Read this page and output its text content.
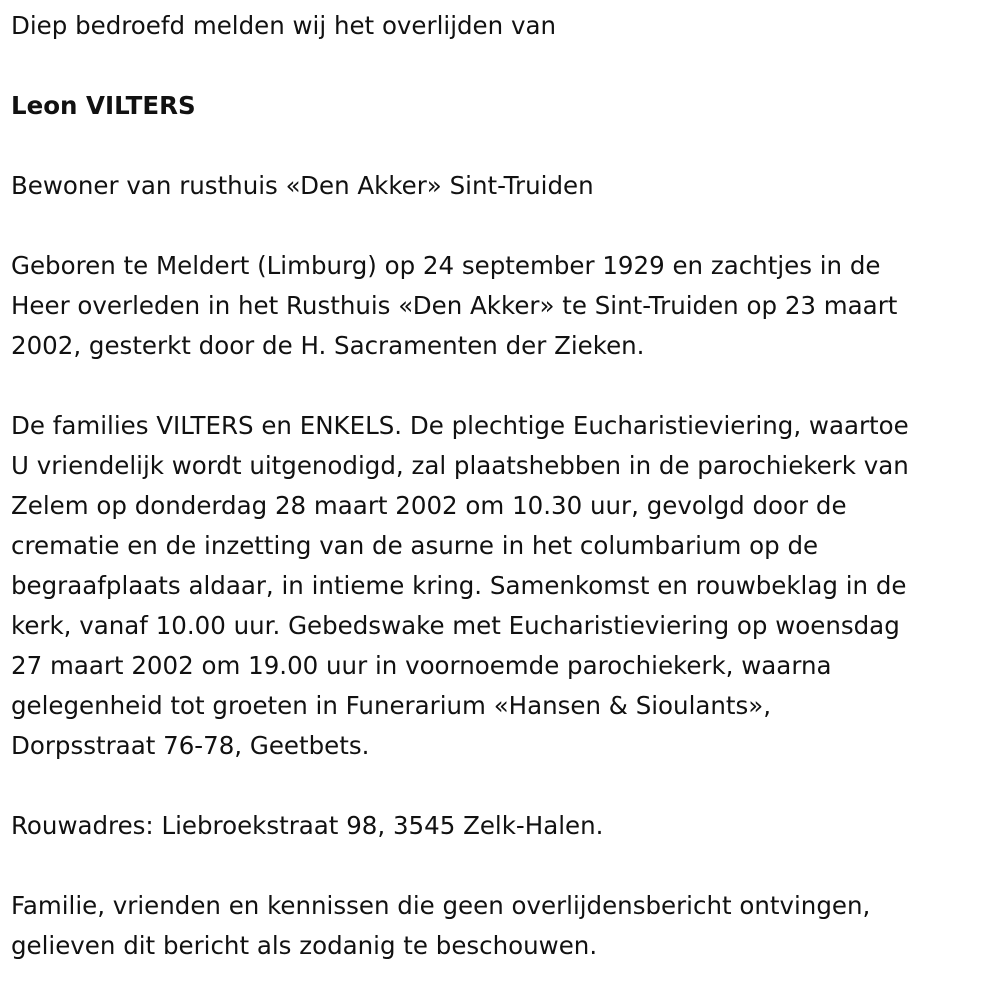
Diep bedroefd melden wij het overlijden van

Leon VILTERS

Bewoner van rusthuis «Den Akker» Sint-Truiden

Geboren te Meldert (Limburg) op 24 september 1929 en zachtjes in de
Heer overleden in het Rusthuis «Den Akker» te Sint-Truiden op 23 maart
2002, gesterkt door de H. Sacramenten der Zieken.

De families VILTERS en ENKELS. De plechtige Eucharistieviering, waartoe
U vriendelijk wordt uitgenodigd, zal plaatshebben in de parochiekerk van
Zelem op donderdag 28 maart 2002 om 10.30 uur, gevolgd door de
crematie en de inzetting van de asurne in het columbarium op de
begraafplaats aldaar, in intieme kring. Samenkomst en rouwbeklag in de
kerk, vanaf 10.00 uur. Gebedswake met Eucharistieviering op woensdag
27 maart 2002 om 19.00 uur in voornoemde parochiekerk, waarna
gelegenheid tot groeten in Funerarium «Hansen & Sioulants»,
Dorpsstraat 76-78, Geetbets.

Rouwadres: Liebroekstraat 98, 3545 Zelk-Halen.

Familie, vrienden en kennissen die geen overlijdensbericht ontvingen,
gelieven dit bericht als zodanig te beschouwen.
